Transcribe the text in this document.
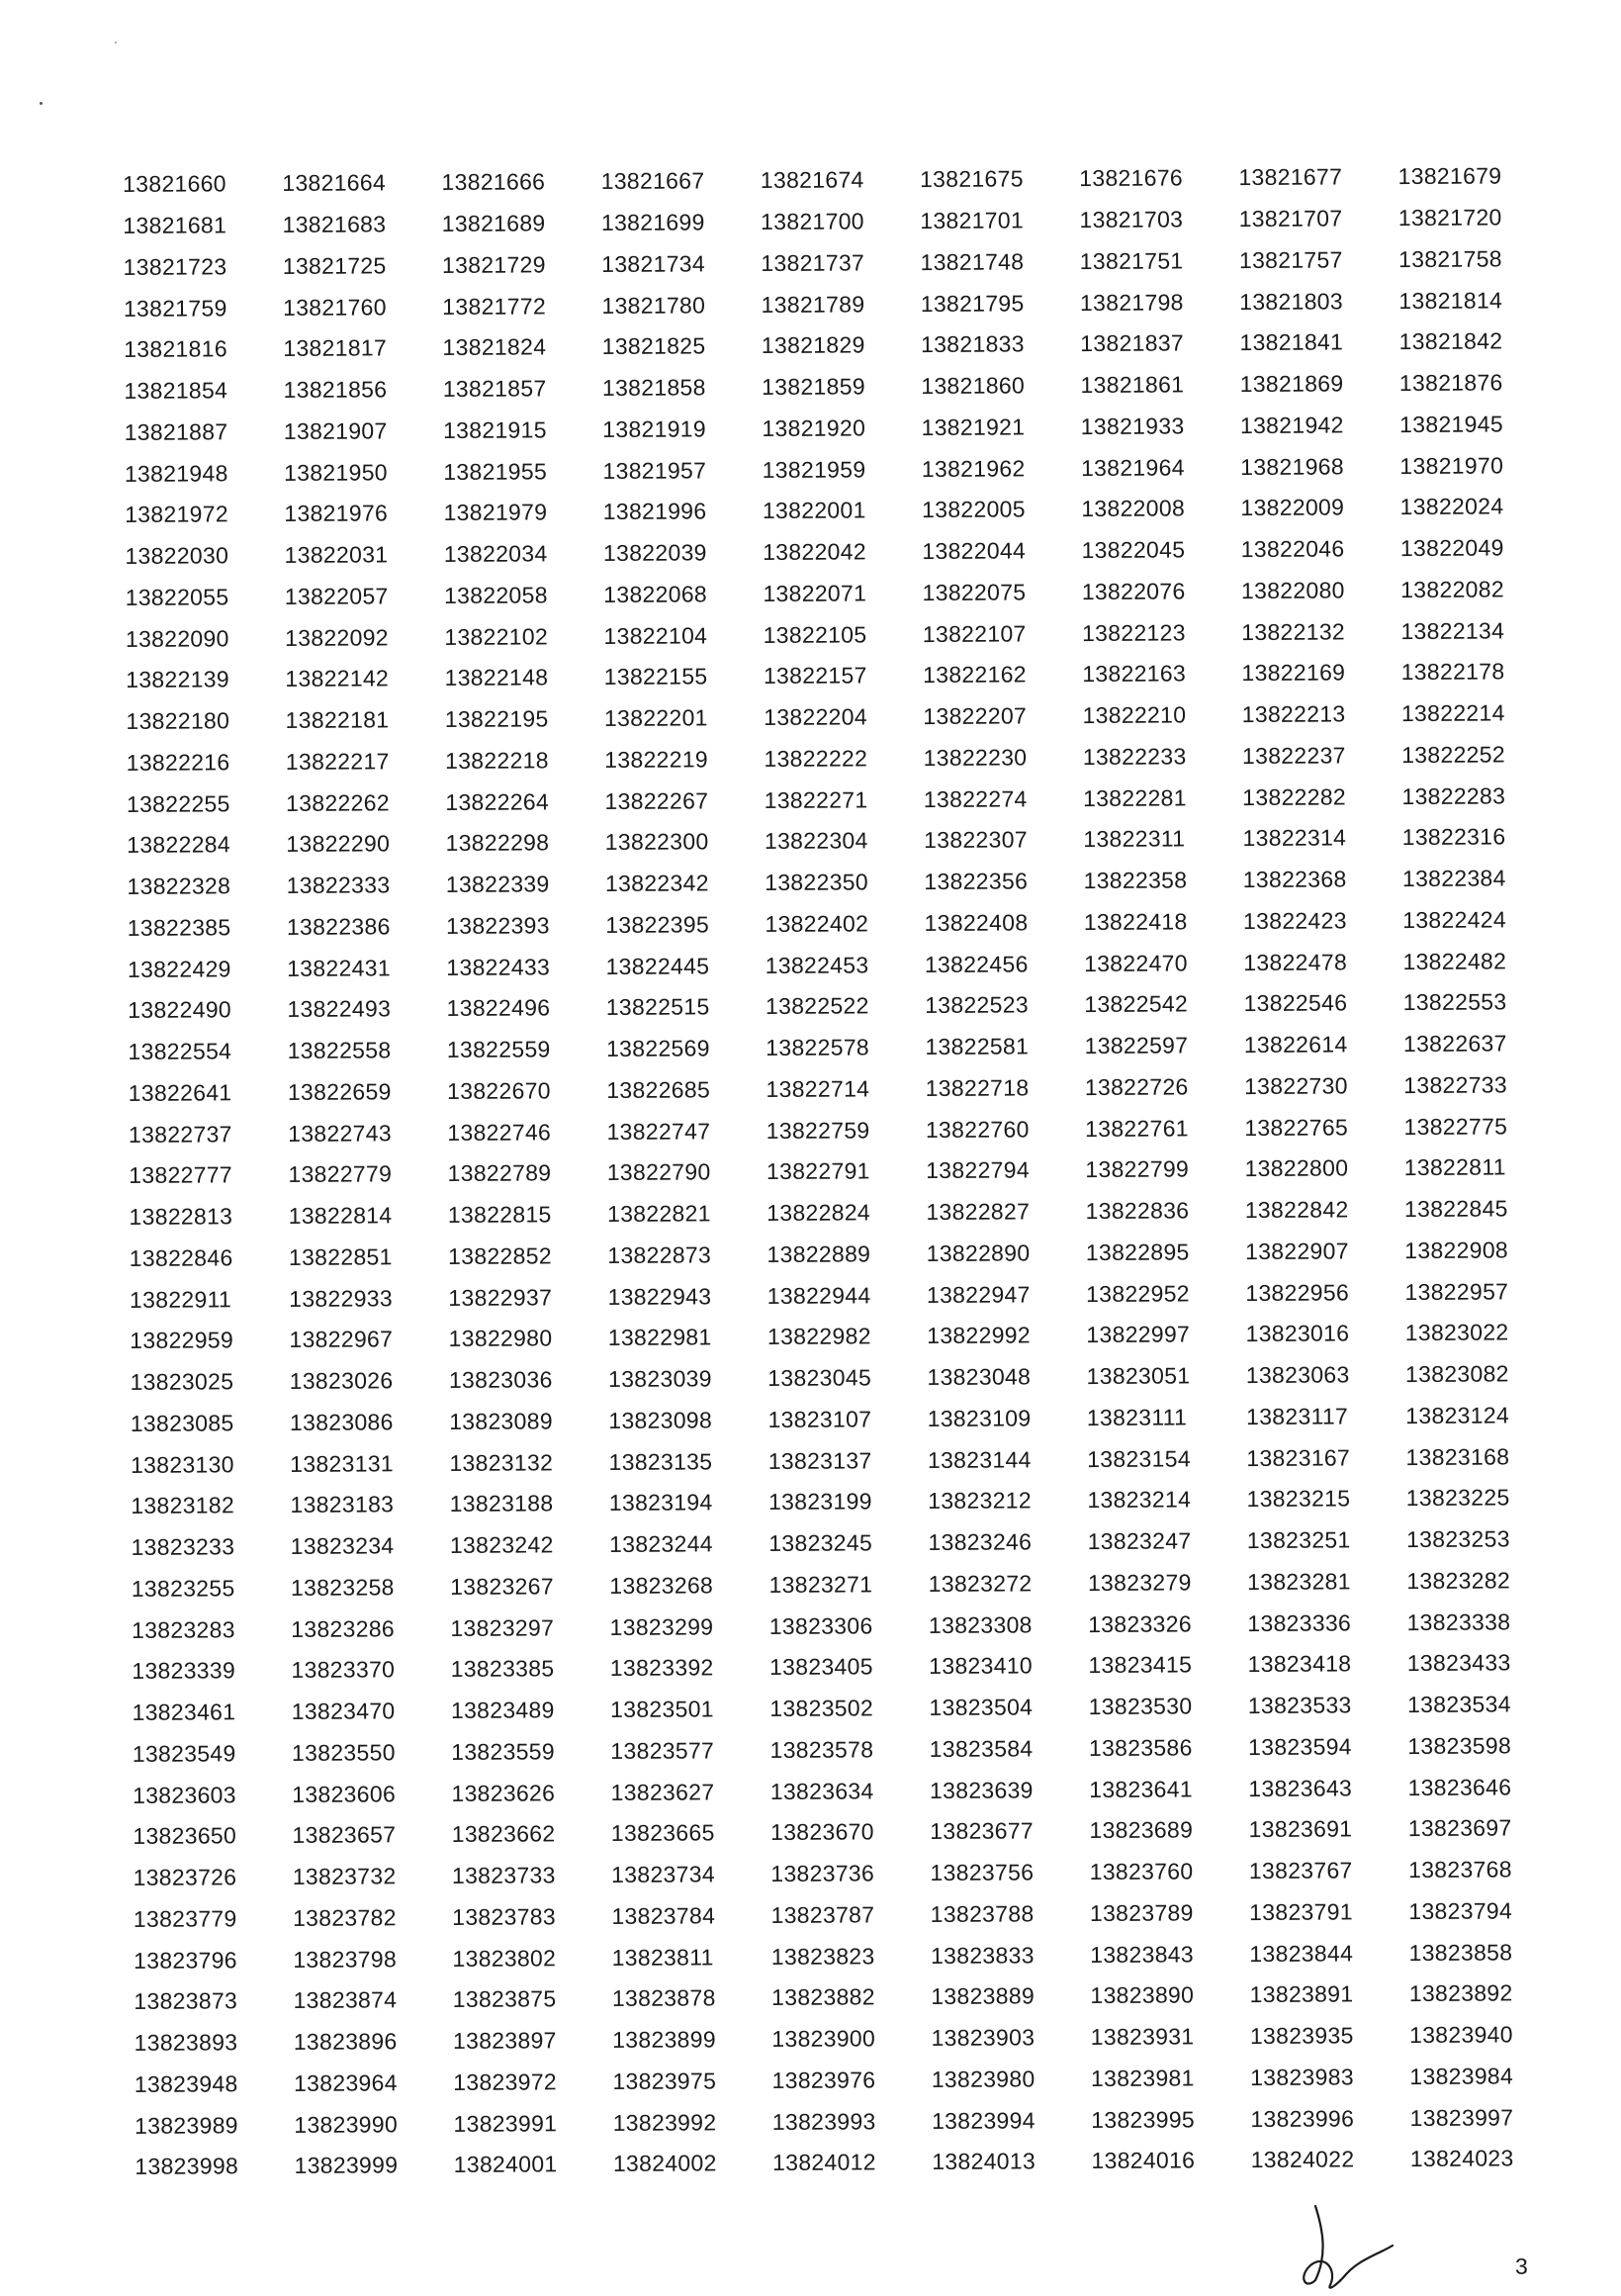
13821660	13821664	13821666	13821667	13821674	13821675	13821676	13821677	13821679
13821681	13821683	13821689	13821699	13821700	13821701	13821703	13821707	13821720
13821723	13821725	13821729	13821734	13821737	13821748	13821751	13821757	13821758
13821759	13821760	13821772	13821780	13821789	13821795	13821798	13821803	13821814
13821816	13821817	13821824	13821825	13821829	13821833	13821837	13821841	13821842
13821854	13821856	13821857	13821858	13821859	13821860	13821861	13821869	13821876
13821887	13821907	13821915	13821919	13821920	13821921	13821933	13821942	13821945
13821948	13821950	13821955	13821957	13821959	13821962	13821964	13821968	13821970
13821972	13821976	13821979	13821996	13822001	13822005	13822008	13822009	13822024
13822030	13822031	13822034	13822039	13822042	13822044	13822045	13822046	13822049
13822055	13822057	13822058	13822068	13822071	13822075	13822076	13822080	13822082
13822090	13822092	13822102	13822104	13822105	13822107	13822123	13822132	13822134
13822139	13822142	13822148	13822155	13822157	13822162	13822163	13822169	13822178
13822180	13822181	13822195	13822201	13822204	13822207	13822210	13822213	13822214
13822216	13822217	13822218	13822219	13822222	13822230	13822233	13822237	13822252
13822255	13822262	13822264	13822267	13822271	13822274	13822281	13822282	13822283
13822284	13822290	13822298	13822300	13822304	13822307	13822311	13822314	13822316
13822328	13822333	13822339	13822342	13822350	13822356	13822358	13822368	13822384
13822385	13822386	13822393	13822395	13822402	13822408	13822418	13822423	13822424
13822429	13822431	13822433	13822445	13822453	13822456	13822470	13822478	13822482
13822490	13822493	13822496	13822515	13822522	13822523	13822542	13822546	13822553
13822554	13822558	13822559	13822569	13822578	13822581	13822597	13822614	13822637
13822641	13822659	13822670	13822685	13822714	13822718	13822726	13822730	13822733
13822737	13822743	13822746	13822747	13822759	13822760	13822761	13822765	13822775
13822777	13822779	13822789	13822790	13822791	13822794	13822799	13822800	13822811
13822813	13822814	13822815	13822821	13822824	13822827	13822836	13822842	13822845
13822846	13822851	13822852	13822873	13822889	13822890	13822895	13822907	13822908
13822911	13822933	13822937	13822943	13822944	13822947	13822952	13822956	13822957
13822959	13822967	13822980	13822981	13822982	13822992	13822997	13823016	13823022
13823025	13823026	13823036	13823039	13823045	13823048	13823051	13823063	13823082
13823085	13823086	13823089	13823098	13823107	13823109	13823111	13823117	13823124
13823130	13823131	13823132	13823135	13823137	13823144	13823154	13823167	13823168
13823182	13823183	13823188	13823194	13823199	13823212	13823214	13823215	13823225
13823233	13823234	13823242	13823244	13823245	13823246	13823247	13823251	13823253
13823255	13823258	13823267	13823268	13823271	13823272	13823279	13823281	13823282
13823283	13823286	13823297	13823299	13823306	13823308	13823326	13823336	13823338
13823339	13823370	13823385	13823392	13823405	13823410	13823415	13823418	13823433
13823461	13823470	13823489	13823501	13823502	13823504	13823530	13823533	13823534
13823549	13823550	13823559	13823577	13823578	13823584	13823586	13823594	13823598
13823603	13823606	13823626	13823627	13823634	13823639	13823641	13823643	13823646
13823650	13823657	13823662	13823665	13823670	13823677	13823689	13823691	13823697
13823726	13823732	13823733	13823734	13823736	13823756	13823760	13823767	13823768
13823779	13823782	13823783	13823784	13823787	13823788	13823789	13823791	13823794
13823796	13823798	13823802	13823811	13823823	13823833	13823843	13823844	13823858
13823873	13823874	13823875	13823878	13823882	13823889	13823890	13823891	13823892
13823893	13823896	13823897	13823899	13823900	13823903	13823931	13823935	13823940
13823948	13823964	13823972	13823975	13823976	13823980	13823981	13823983	13823984
13823989	13823990	13823991	13823992	13823993	13823994	13823995	13823996	13823997
13823998	13823999	13824001	13824002	13824012	13824013	13824016	13824022	13824023
3
